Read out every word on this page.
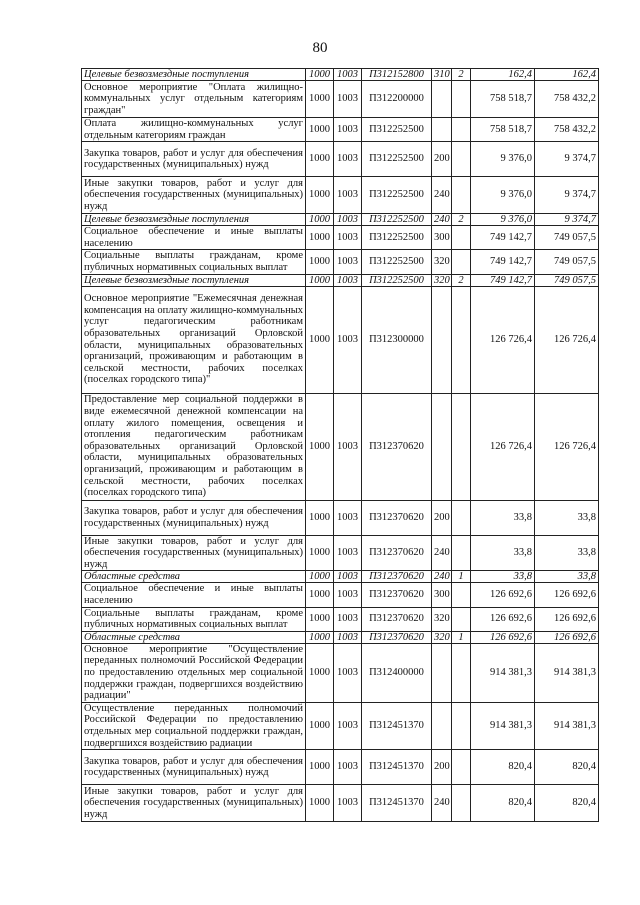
80
Целевые безвозмездные поступления	1000	1003	П312152800	310	2	162,4	162,4
Основное мероприятие "Оплата жилищно-коммунальных услуг отдельным категориям граждан"	1000	1003	П312200000			758 518,7	758 432,2
Оплата жилищно-коммунальных услуг отдельным категориям граждан	1000	1003	П312252500			758 518,7	758 432,2
Закупка товаров, работ и услуг для обеспечения государственных (муниципальных) нужд	1000	1003	П312252500	200		9 376,0	9 374,7
Иные закупки товаров, работ и услуг для обеспечения государственных (муниципальных) нужд	1000	1003	П312252500	240		9 376,0	9 374,7
Целевые безвозмездные поступления	1000	1003	П312252500	240	2	9 376,0	9 374,7
Социальное обеспечение и иные выплаты населению	1000	1003	П312252500	300		749 142,7	749 057,5
Социальные выплаты гражданам, кроме публичных нормативных социальных выплат	1000	1003	П312252500	320		749 142,7	749 057,5
Целевые безвозмездные поступления	1000	1003	П312252500	320	2	749 142,7	749 057,5
Основное мероприятие "Ежемесячная денежная компенсация на оплату жилищно-коммунальных услуг педагогическим работникам образовательных организаций Орловской области, муниципальных образовательных организаций, проживающим и работающим в сельской местности, рабочих поселках (поселках городского типа)"	1000	1003	П312300000			126 726,4	126 726,4
Предоставление мер социальной поддержки в виде ежемесячной денежной компенсации на оплату жилого помещения, освещения и отопления педагогическим работникам образовательных организаций Орловской области, муниципальных образовательных организаций, проживающим и работающим в сельской местности, рабочих поселках (поселках городского типа)	1000	1003	П312370620			126 726,4	126 726,4
Закупка товаров, работ и услуг для обеспечения государственных (муниципальных) нужд	1000	1003	П312370620	200		33,8	33,8
Иные закупки товаров, работ и услуг для обеспечения государственных (муниципальных) нужд	1000	1003	П312370620	240		33,8	33,8
Областные средства	1000	1003	П312370620	240	1	33,8	33,8
Социальное обеспечение и иные выплаты населению	1000	1003	П312370620	300		126 692,6	126 692,6
Социальные выплаты гражданам, кроме публичных нормативных социальных выплат	1000	1003	П312370620	320		126 692,6	126 692,6
Областные средства	1000	1003	П312370620	320	1	126 692,6	126 692,6
Основное мероприятие "Осуществление переданных полномочий Российской Федерации по предоставлению отдельных мер социальной поддержки граждан, подвергшихся воздействию радиации"	1000	1003	П312400000			914 381,3	914 381,3
Осуществление переданных полномочий Российской Федерации по предоставлению отдельных мер социальной поддержки граждан, подвергшихся воздействию радиации	1000	1003	П312451370			914 381,3	914 381,3
Закупка товаров, работ и услуг для обеспечения государственных (муниципальных) нужд	1000	1003	П312451370	200		820,4	820,4
Иные закупки товаров, работ и услуг для обеспечения государственных (муниципальных) нужд	1000	1003	П312451370	240		820,4	820,4
